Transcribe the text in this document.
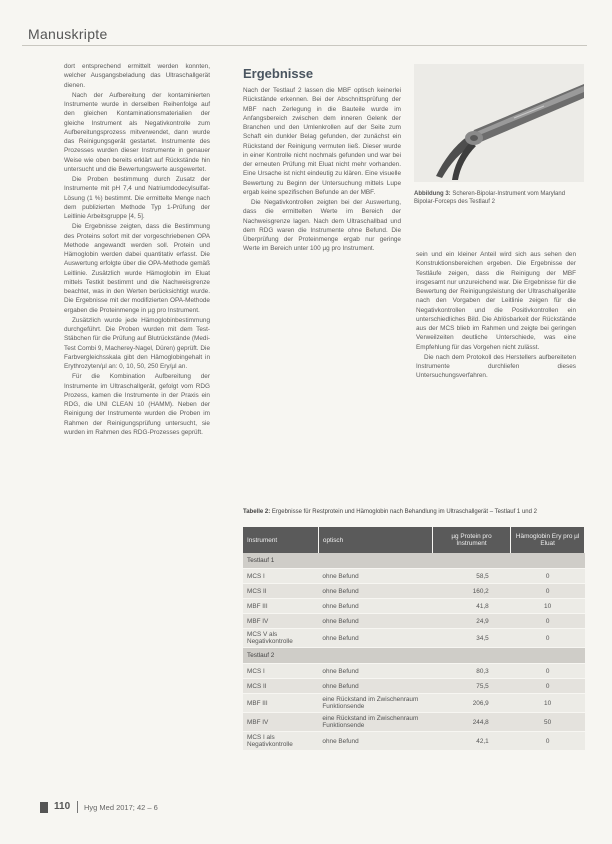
Manuskripte

dort entsprechend ermittelt werden konnten, welcher Ausgangsbeladung das Ultraschallgerät dienen.

Nach der Aufbereitung der kontaminierten Instrumente wurde in derselben Reihenfolge auf den gleichen Kontaminationsmaterialien der gleiche Instrument als Negativkontrolle zum Aufbereitungsprozess mitverwendet, dann wurde das Reinigungsgerät gestartet. Instrumente des Prozesses wurden dieser Instrumente in genauer Weise wie oben bereits erklärt auf Rückstände hin untersucht und die Bewertungswerte ausgewertet.

Die Proben bestimmung durch Zusatz der Instrumente mit pH 7,4 und Natriumdodecylsulfat-Lösung (1 %) bestimmt. Die ermittelte Menge nach dem publizierten Methode Typ 1-Prüfung der Leitlinie Arbeitsgruppe [4, 5].

Die Ergebnisse zeigten, dass die Bestimmung des Proteins sofort mit der vorgeschriebenen OPA Methode angewandt werden soll. Protein und Hämoglobin werden dabei quantitativ erfasst. Die Auswertung erfolgte über die OPA-Methode gemäß Leitlinie. Zusätzlich wurde Hämoglobin im Eluat mittels Testkit bestimmt und die Nachweisgrenze beachtet, was in den Werten berücksichtigt wurde. Die Ergebnisse mit der modifizierten OPA-Methode ergaben die Proteinmenge in µg pro Instrument.

Zusätzlich wurde jede Hämoglobinbestimmung durchgeführt. Die Proben wurden mit dem Test-Stäbchen für die Prüfung auf Blutrückstände (Medi-Test Combi 9, Macherey-Nagel, Düren) geprüft. Die Farbvergleichsskala gibt den Hämoglobingehalt in Erythrozyten/µl an: 0, 10, 50, 250 Ery/µl an.

Für die Kombination Aufbereitung der Instrumente im Ultraschallgerät, gefolgt vom RDG Prozess, kamen die Instrumente in der Praxis ein RDG, die UNI CLEAN 10 (HAMM). Neben der Reinigung der Instrumente wurden die Proben im Rahmen der Reinigungsprüfung untersucht, sie wurden im Rahmen des RDG-Prozesses geprüft.

Ergebnisse

Nach der Testlauf 2 lassen die MBF optisch keinerlei Rückstände erkennen. Bei der Abschnittsprüfung der MBF nach Zerlegung in die Bauteile wurde im Anfangsbereich zwischen dem inneren Gelenk der Branchen und den Umlenkrollen auf der Seite zum Schaft ein dunkler Belag gefunden, der zunächst ein Rückstand der Reinigung vermuten ließ. Dieser wurde in einer Kontrolle nicht nochmals gefunden und war bei der erneuten Prüfung mit Eluat nicht mehr vorhanden. Eine Ursache ist nicht eindeutig zu klären. Eine visuelle Bewertung zu Beginn der Untersuchung mittels Lupe ergab keine spezifischen Befunde an der MBF.

Die Negativkontrollen zeigten bei der Auswertung, dass die ermittelten Werte im Bereich der Nachweisgrenze lagen. Nach dem Ultraschallbad und dem RDG waren die Instrumente ohne Befund. Die Überprüfung der Proteinmenge ergab nur geringe Werte im Bereich unter 100 µg pro Instrument.

Abbildung 3: Scheren-Bipolar-Instrument vom Maryland Bipolar-Forceps des Testlauf 2

sein und ein kleiner Anteil wird sich aus sehen den Konstruktionsbereichen ergeben. Die Ergebnisse der Testläufe zeigen, dass die Reinigung der MBF insgesamt nur unzureichend war. Die Ergebnisse für die Bewertung der Reinigungsleistung der Ultraschallgeräte nach den Vorgaben der Leitlinie zeigen für die Negativkontrollen und die Positivkontrollen ein unterschiedliches Bild. Die Ablösbarkeit der Rückstände aus der MCS blieb im Rahmen und zeigte bei geringen Verweilzeiten deutliche Unterschiede, was eine Empfehlung für das Vorgehen nicht zulässt.

Die nach dem Protokoll des Herstellers aufbereiteten Instrumente durchliefen dieses Untersuchungsverfahren.

Tabelle 2: Ergebnisse für Restprotein und Hämoglobin nach Behandlung im Ultraschallgerät – Testlauf 1 und 2
Instrument	optisch	µg Protein pro Instrument	Hämoglobin Ery pro µl Eluat
Testlauf 1			
MCS I	ohne Befund	58,5	0
MCS II	ohne Befund	160,2	0
MBF III	ohne Befund	41,8	10
MBF IV	ohne Befund	24,9	0
MCS V als Negativkontrolle	ohne Befund	34,5	0
Testlauf 2			
MCS I	ohne Befund	80,3	0
MCS II	ohne Befund	75,5	0
MBF III	eine Rückstand im Zwischenraum Funktionsende	206,9	10
MBF IV	eine Rückstand im Zwischenraum Funktionsende	244,8	50
MCS I als Negativkontrolle	ohne Befund	42,1	0
110 Hyg Med 2017; 42 – 6
